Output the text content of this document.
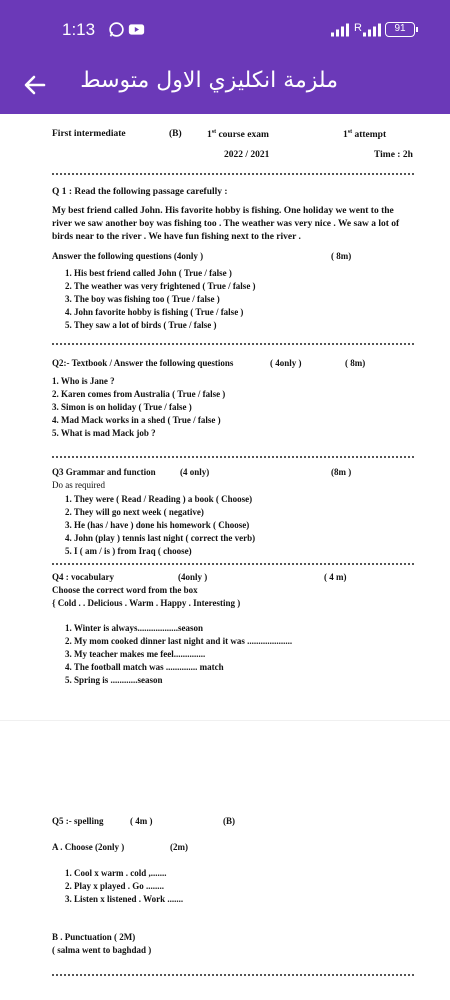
1:13	R	91
ملزمة انكليزي الاول متوسط
First intermediate	(B)	1st course exam	1st attempt
2022 / 2021	Time : 2h
Q 1 : Read the following passage carefully :
My best friend called John. His favorite hobby is fishing. One holiday we went to the
river we saw another boy was fishing too . The weather was very nice . We saw a lot of
birds near to the river . We have fun fishing next to the river .
Answer the following questions (4only )	( 8m)
1. His best friend called John ( True / false )
2. The weather was very frightened ( True / false )
3. The boy was fishing too ( True / false )
4. John favorite hobby is fishing ( True / false )
5. They saw a lot of birds ( True / false )
Q2:- Textbook / Answer the following questions	( 4only )	( 8m)
1. Who is Jane ?
2. Karen comes from Australia ( True / false )
3. Simon is on holiday ( True / false )
4. Mad Mack works in a shed ( True / false )
5. What is mad Mack job ?
Q3 Grammar and function	(4 only)	(8m )
Do as required
1. They were ( Read / Reading ) a book ( Choose)
2. They will go next week ( negative)
3. He (has / have ) done his homework ( Choose)
4. John (play ) tennis last night ( correct the verb)
5. I ( am / is ) from Iraq ( choose)
Q4 : vocabulary	(4only )	( 4 m)
Choose the correct word from the box
{ Cold . . Delicious . Warm . Happy . Interesting )
1. Winter is always..................season
2. My mom cooked dinner last night and it was ....................
3. My teacher makes me feel..............
4. The football match was .............. match
5. Spring is ............season
Q5 :- spelling	( 4m )	(B)
A . Choose (2only )	(2m)
1. Cool x warm . cold ,.......
2. Play x played . Go ........
3. Listen x listened . Work .......
B . Punctuation ( 2M)
( salma went to baghdad )
